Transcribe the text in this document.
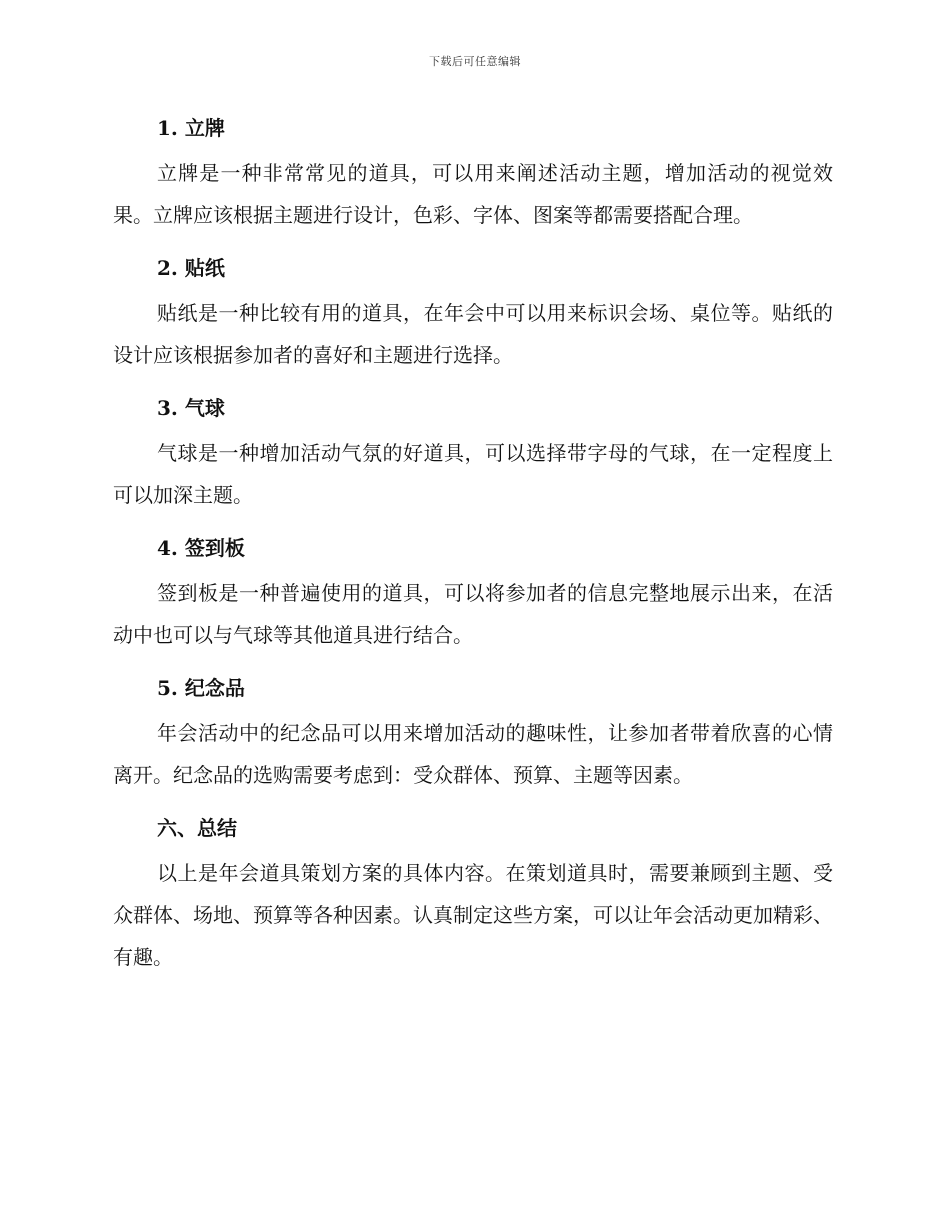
下载后可任意编辑
1. 立牌

立牌是一种非常常见的道具，可以用来阐述活动主题，增加活动的视觉效果。立牌应该根据主题进行设计，色彩、字体、图案等都需要搭配合理。

2. 贴纸

贴纸是一种比较有用的道具，在年会中可以用来标识会场、桌位等。贴纸的设计应该根据参加者的喜好和主题进行选择。

3. 气球

气球是一种增加活动气氛的好道具，可以选择带字母的气球，在一定程度上可以加深主题。

4. 签到板

签到板是一种普遍使用的道具，可以将参加者的信息完整地展示出来，在活动中也可以与气球等其他道具进行结合。

5. 纪念品

年会活动中的纪念品可以用来增加活动的趣味性，让参加者带着欣喜的心情离开。纪念品的选购需要考虑到：受众群体、预算、主题等因素。

六、总结

以上是年会道具策划方案的具体内容。在策划道具时，需要兼顾到主题、受众群体、场地、预算等各种因素。认真制定这些方案，可以让年会活动更加精彩、有趣。
